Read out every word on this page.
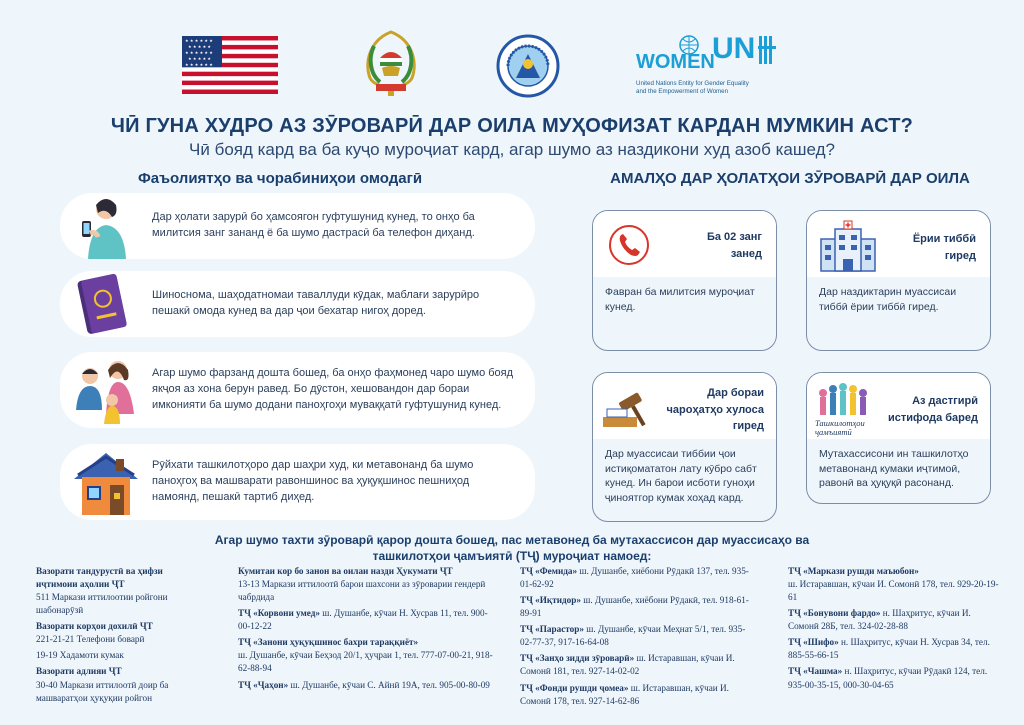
★ ★ ★ ★ ★ ★
★ ★ ★ ★ ★
★ ★ ★ ★ ★ ★
★ ★ ★ ★ ★
★ ★ ★ ★ ★ ★	UN
WOMEN
United Nations Entity for Gender Equality
and the Empowerment of Women
ЧӢ ГУНА ХУДРО АЗ ЗӮРОВАРӢ ДАР ОИЛА МУҲОФИЗАТ КАРДАН МУМКИН АСТ?
Чӣ бояд кард ва ба куҷо муроҷиат кард, агар шумо аз наздикони худ азоб кашед?
Фаъолиятҳо ва чорабиниҳои омодагӣ	АМАЛҲО ДАР ҲОЛАТҲОИ ЗӮРОВАРӢ ДАР ОИЛА
Дар ҳолати зарурӣ бо ҳамсоягон гуфтушунид кунед, то онҳо ба милитсия занг зананд ё ба шумо дастрасӣ ба телефон диҳанд.
Шиноснома, шаҳодатномаи таваллуди кӯдак, маблағи зарурӣро пешакӣ омода кунед ва дар ҷои бехатар нигоҳ доред.
Агар шумо фарзанд дошта бошед, ба онҳо фаҳмонед чаро шумо бояд якҷоя аз хона берун равед. Бо дӯстон, хешовандон дар бораи имконияти ба шумо додани паноҳгоҳи муваққатӣ гуфтушунид кунед.
Рӯйхати ташкилотҳоро дар шаҳри худ, ки метавонанд ба шумо паноҳгоҳ ва машварати равоншинос ва ҳуқуқшинос пешниҳод намоянд, пешакӣ тартиб диҳед.
Ба 02 занг занед
Фавран ба милитсия муроҷиат кунед.
Ёрии тиббӣ гиред
Дар наздиктарин муассисаи тиббӣ ёрии тиббӣ гиред.
Дар бораи чароҳатҳо хулоса гиред
Дар муассисаи тиббии ҷои истиқомататон лату кӯбро сабт кунед. Ин барои исботи гуноҳи ҷиноятгор кумак хоҳад кард.
Ташкилотҳои ҷамъиятӣ
Аз дастгирӣ истифода баред
Мутахассисони ин ташкилотҳо метавонанд кумаки иҷтимоӣ, равонӣ ва ҳуқуқӣ расонанд.
Агар шумо тахти зӯроварӣ қарор дошта бошед, пас метавонед ба мутахассисон дар муассисаҳо ва ташкилотҳои ҷамъиятӣ (ТҶ) муроҷиат намоед:

Вазорати тандурустӣ ва ҳифзи иҷтимоии аҳолии ҶТ
511 Маркази иттилоотии ройгони шабонарӯзӣ

Вазорати корҳои дохилӣ ҶТ
221-21-21 Телефони боварӣ

19-19 Хадамоти кумак

Вазорати адлияи ҶТ
30-40 Маркази иттилоотӣ доир ба машваратҳои ҳуқуқии ройгон

Кумитаи кор бо занон ва оилаи назди Ҳукумати ҶТ
13-13 Маркази иттилоотӣ барои шахсони аз зӯроварии гендерӣ чабрдида

ТҶ «Корвони умед» ш. Душанбе, кӯчаи Н. Хусрав 11, тел. 900-00-12-22

ТҶ «Занони ҳуқуқшинос бахри тараққиёт»
ш. Душанбе, кӯчаи Беҳзод 20/1, ҳуҷраи 1, тел. 777-07-00-21, 918-62-88-94

ТҶ «Ҷаҳон» ш. Душанбе, кӯчаи С. Айнӣ 19А, тел. 905-00-80-09

ТҶ «Фемида» ш. Душанбе, хиёбони Рӯдакӣ 137, тел. 935-01-62-92

ТҶ «Иқтидор» ш. Душанбе, хиёбони Рӯдакӣ, тел. 918-61-89-91

ТҶ «Парастор» ш. Душанбе, кӯчаи Меҳнат 5/1, тел. 935-02-77-37, 917-16-64-08

ТҶ «Занҳо зидди зӯроварӣ» ш. Истаравшан, кӯчаи И. Сомонӣ 181, тел. 927-14-02-02

ТҶ «Фонди рушди ҷомеа» ш. Истаравшан, кӯчаи И. Сомонӣ 178, тел. 927-14-62-86

ТҶ «Маркази рушди маъюбон»
ш. Истаравшан, кӯчаи И. Сомонӣ 178, тел. 929-20-19-61

ТҶ «Бонувони фардо» н. Шаҳритус, кӯчаи И. Сомонӣ 28Б, тел. 324-02-28-88

ТҶ «Шифо» н. Шаҳритус, кӯчаи Н. Хусрав 34, тел. 885-55-66-15

ТҶ «Чашма» н. Шаҳритус, кӯчаи Рӯдакӣ 124, тел. 935-00-35-15, 000-30-04-65
